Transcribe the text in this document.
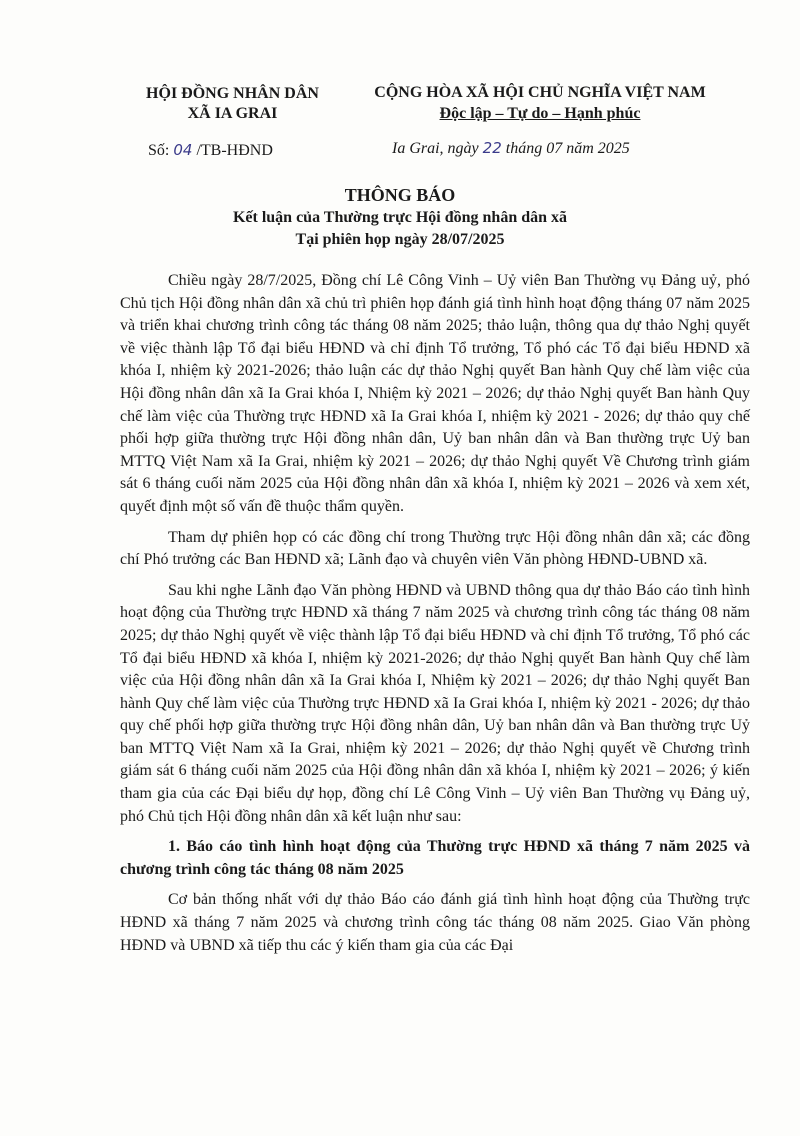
HỘI ĐỒNG NHÂN DÂN
XÃ IA GRAI
CỘNG HÒA XÃ HỘI CHỦ NGHĨA VIỆT NAM
Độc lập – Tự do – Hạnh phúc
Số: 04 /TB-HĐND	Ia Grai, ngày 22 tháng 07 năm 2025
THÔNG BÁO
Kết luận của Thường trực Hội đồng nhân dân xã
Tại phiên họp ngày 28/07/2025

Chiều ngày 28/7/2025, Đồng chí Lê Công Vinh – Uỷ viên Ban Thường vụ Đảng uỷ, phó Chủ tịch Hội đồng nhân dân xã chủ trì phiên họp đánh giá tình hình hoạt động tháng 07 năm 2025 và triển khai chương trình công tác tháng 08 năm 2025; thảo luận, thông qua dự thảo Nghị quyết về việc thành lập Tổ đại biểu HĐND và chỉ định Tổ trưởng, Tổ phó các Tổ đại biểu HĐND xã khóa I, nhiệm kỳ 2021-2026; thảo luận các dự thảo Nghị quyết Ban hành Quy chế làm việc của Hội đồng nhân dân xã Ia Grai khóa I, Nhiệm kỳ 2021 – 2026; dự thảo Nghị quyết Ban hành Quy chế làm việc của Thường trực HĐND xã Ia Grai khóa I, nhiệm kỳ 2021 - 2026; dự thảo quy chế phối hợp giữa thường trực Hội đồng nhân dân, Uỷ ban nhân dân và Ban thường trực Uỷ ban MTTQ Việt Nam xã Ia Grai, nhiệm kỳ 2021 – 2026; dự thảo Nghị quyết Về Chương trình giám sát 6 tháng cuối năm 2025 của Hội đồng nhân dân xã khóa I, nhiệm kỳ 2021 – 2026 và xem xét, quyết định một số vấn đề thuộc thẩm quyền.

Tham dự phiên họp có các đồng chí trong Thường trực Hội đồng nhân dân xã; các đồng chí Phó trưởng các Ban HĐND xã; Lãnh đạo và chuyên viên Văn phòng HĐND-UBND xã.

Sau khi nghe Lãnh đạo Văn phòng HĐND và UBND thông qua dự thảo Báo cáo tình hình hoạt động của Thường trực HĐND xã tháng 7 năm 2025 và chương trình công tác tháng 08 năm 2025; dự thảo Nghị quyết về việc thành lập Tổ đại biểu HĐND và chỉ định Tổ trưởng, Tổ phó các Tổ đại biểu HĐND xã khóa I, nhiệm kỳ 2021-2026; dự thảo Nghị quyết Ban hành Quy chế làm việc của Hội đồng nhân dân xã Ia Grai khóa I, Nhiệm kỳ 2021 – 2026; dự thảo Nghị quyết Ban hành Quy chế làm việc của Thường trực HĐND xã Ia Grai khóa I, nhiệm kỳ 2021 - 2026; dự thảo quy chế phối hợp giữa thường trực Hội đồng nhân dân, Uỷ ban nhân dân và Ban thường trực Uỷ ban MTTQ Việt Nam xã Ia Grai, nhiệm kỳ 2021 – 2026; dự thảo Nghị quyết về Chương trình giám sát 6 tháng cuối năm 2025 của Hội đồng nhân dân xã khóa I, nhiệm kỳ 2021 – 2026; ý kiến tham gia của các Đại biểu dự họp, đồng chí Lê Công Vinh – Uỷ viên Ban Thường vụ Đảng uỷ, phó Chủ tịch Hội đồng nhân dân xã kết luận như sau:

1. Báo cáo tình hình hoạt động của Thường trực HĐND xã tháng 7 năm 2025 và chương trình công tác tháng 08 năm 2025

Cơ bản thống nhất với dự thảo Báo cáo đánh giá tình hình hoạt động của Thường trực HĐND xã tháng 7 năm 2025 và chương trình công tác tháng 08 năm 2025. Giao Văn phòng HĐND và UBND xã tiếp thu các ý kiến tham gia của các Đại
